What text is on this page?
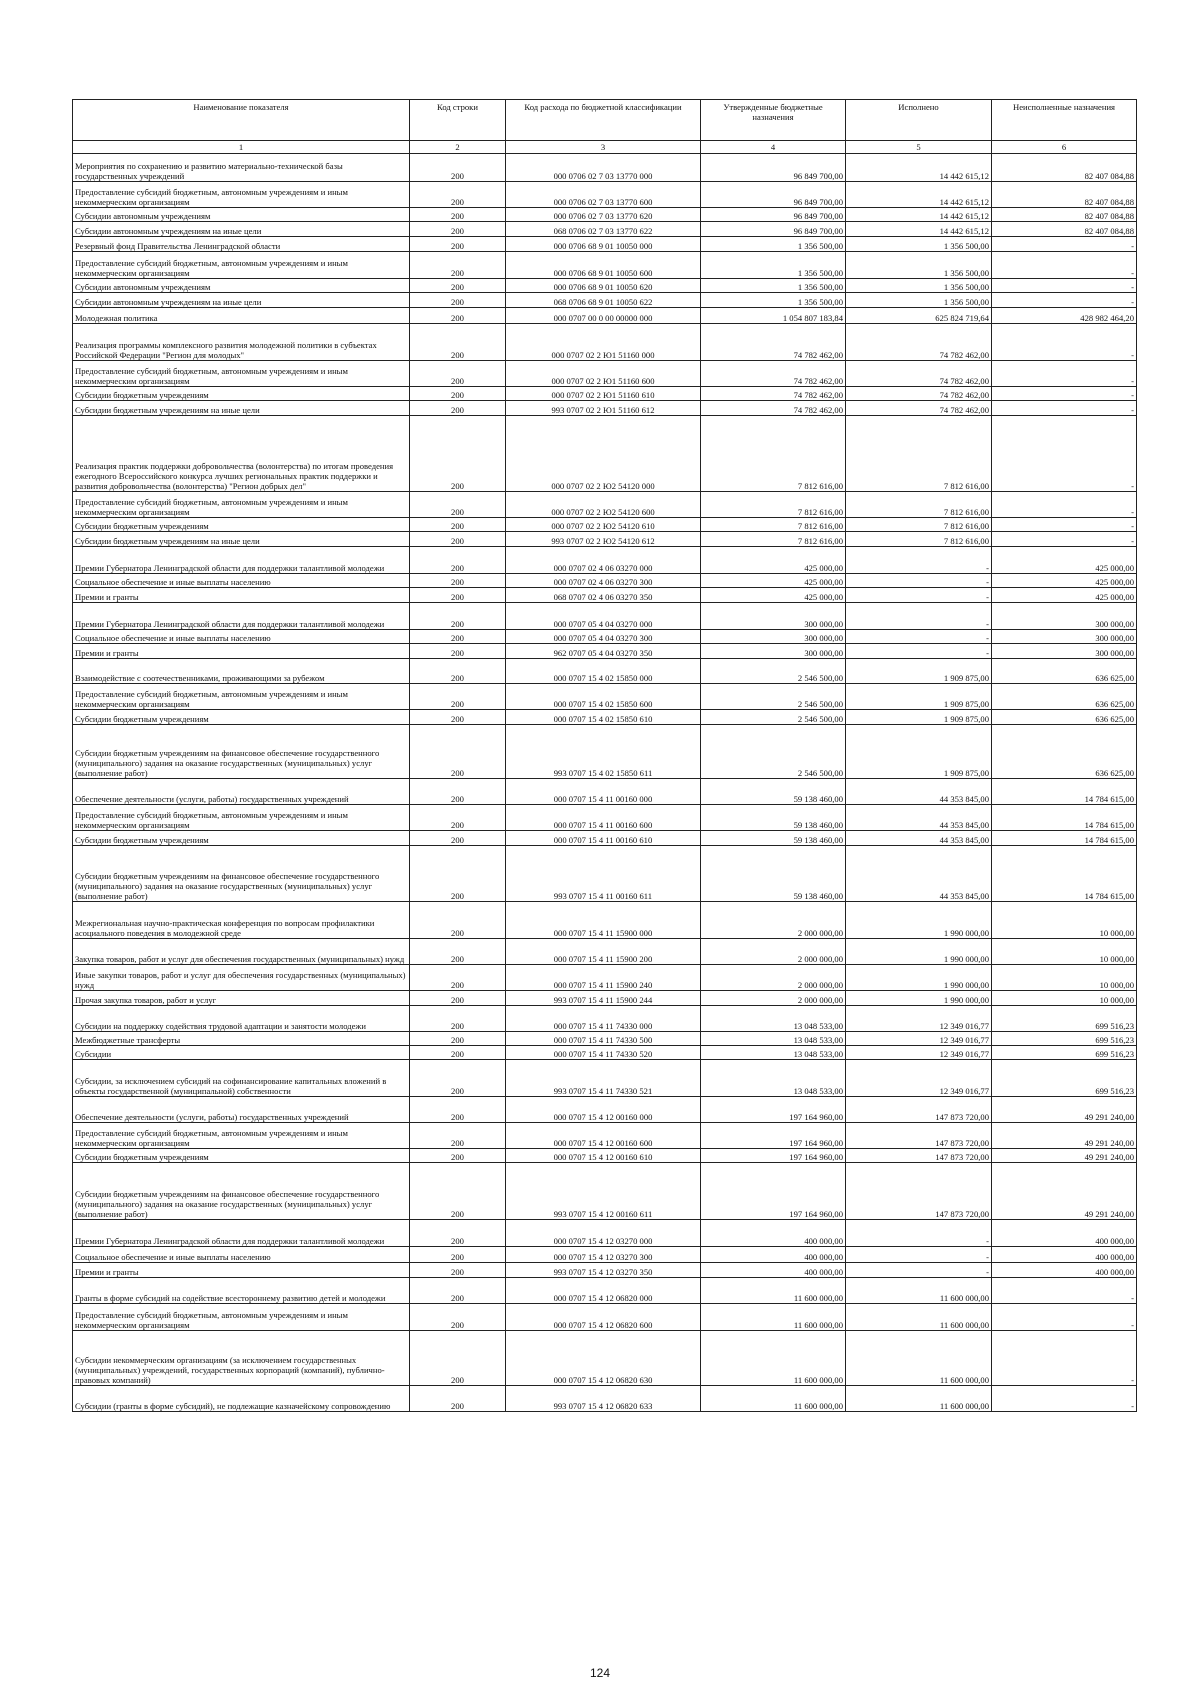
Наименование показателя	Код строки	Код расхода по бюджетной классификации	Утвержденные бюджетные назначения	Исполнено	Неисполненные назначения
1	2	3	4	5	6
Мероприятия по сохранению и развитию материально-технической базы государственных учреждений	200	000 0706 02 7 03 13770 000	96 849 700,00	14 442 615,12	82 407 084,88
Предоставление субсидий бюджетным, автономным учреждениям и иным некоммерческим организациям	200	000 0706 02 7 03 13770 600	96 849 700,00	14 442 615,12	82 407 084,88
Субсидии автономным учреждениям	200	000 0706 02 7 03 13770 620	96 849 700,00	14 442 615,12	82 407 084,88
Субсидии автономным учреждениям на иные цели	200	068 0706 02 7 03 13770 622	96 849 700,00	14 442 615,12	82 407 084,88
Резервный фонд Правительства Ленинградской области	200	000 0706 68 9 01 10050 000	1 356 500,00	1 356 500,00	-
Предоставление субсидий бюджетным, автономным учреждениям и иным некоммерческим организациям	200	000 0706 68 9 01 10050 600	1 356 500,00	1 356 500,00	-
Субсидии автономным учреждениям	200	000 0706 68 9 01 10050 620	1 356 500,00	1 356 500,00	-
Субсидии автономным учреждениям на иные цели	200	068 0706 68 9 01 10050 622	1 356 500,00	1 356 500,00	-
Молодежная политика	200	000 0707 00 0 00 00000 000	1 054 807 183,84	625 824 719,64	428 982 464,20
Реализация программы комплексного развития молодежной политики в субъектах Российской Федерации "Регион для молодых"	200	000 0707 02 2 Ю1 51160 000	74 782 462,00	74 782 462,00	-
Предоставление субсидий бюджетным, автономным учреждениям и иным некоммерческим организациям	200	000 0707 02 2 Ю1 51160 600	74 782 462,00	74 782 462,00	-
Субсидии бюджетным учреждениям	200	000 0707 02 2 Ю1 51160 610	74 782 462,00	74 782 462,00	-
Субсидии бюджетным учреждениям на иные цели	200	993 0707 02 2 Ю1 51160 612	74 782 462,00	74 782 462,00	-
Реализация практик поддержки добровольчества (волонтерства) по итогам проведения ежегодного Всероссийского конкурса лучших региональных практик поддержки и развития добровольчества (волонтерства) "Регион добрых дел"	200	000 0707 02 2 Ю2 54120 000	7 812 616,00	7 812 616,00	-
Предоставление субсидий бюджетным, автономным учреждениям и иным некоммерческим организациям	200	000 0707 02 2 Ю2 54120 600	7 812 616,00	7 812 616,00	-
Субсидии бюджетным учреждениям	200	000 0707 02 2 Ю2 54120 610	7 812 616,00	7 812 616,00	-
Субсидии бюджетным учреждениям на иные цели	200	993 0707 02 2 Ю2 54120 612	7 812 616,00	7 812 616,00	-
Премии Губернатора Ленинградской области для поддержки талантливой молодежи	200	000 0707 02 4 06 03270 000	425 000,00	-	425 000,00
Социальное обеспечение и иные выплаты населению	200	000 0707 02 4 06 03270 300	425 000,00	-	425 000,00
Премии и гранты	200	068 0707 02 4 06 03270 350	425 000,00	-	425 000,00
Премии Губернатора Ленинградской области для поддержки талантливой молодежи	200	000 0707 05 4 04 03270 000	300 000,00	-	300 000,00
Социальное обеспечение и иные выплаты населению	200	000 0707 05 4 04 03270 300	300 000,00	-	300 000,00
Премии и гранты	200	962 0707 05 4 04 03270 350	300 000,00	-	300 000,00
Взаимодействие с соотечественниками, проживающими за рубежом	200	000 0707 15 4 02 15850 000	2 546 500,00	1 909 875,00	636 625,00
Предоставление субсидий бюджетным, автономным учреждениям и иным некоммерческим организациям	200	000 0707 15 4 02 15850 600	2 546 500,00	1 909 875,00	636 625,00
Субсидии бюджетным учреждениям	200	000 0707 15 4 02 15850 610	2 546 500,00	1 909 875,00	636 625,00
Субсидии бюджетным учреждениям на финансовое обеспечение государственного (муниципального) задания на оказание государственных (муниципальных) услуг (выполнение работ)	200	993 0707 15 4 02 15850 611	2 546 500,00	1 909 875,00	636 625,00
Обеспечение деятельности (услуги, работы) государственных учреждений	200	000 0707 15 4 11 00160 000	59 138 460,00	44 353 845,00	14 784 615,00
Предоставление субсидий бюджетным, автономным учреждениям и иным некоммерческим организациям	200	000 0707 15 4 11 00160 600	59 138 460,00	44 353 845,00	14 784 615,00
Субсидии бюджетным учреждениям	200	000 0707 15 4 11 00160 610	59 138 460,00	44 353 845,00	14 784 615,00
Субсидии бюджетным учреждениям на финансовое обеспечение государственного (муниципального) задания на оказание государственных (муниципальных) услуг (выполнение работ)	200	993 0707 15 4 11 00160 611	59 138 460,00	44 353 845,00	14 784 615,00
Межрегиональная научно-практическая конференция по вопросам профилактики асоциального поведения в молодежной среде	200	000 0707 15 4 11 15900 000	2 000 000,00	1 990 000,00	10 000,00
Закупка товаров, работ и услуг для обеспечения государственных (муниципальных) нужд	200	000 0707 15 4 11 15900 200	2 000 000,00	1 990 000,00	10 000,00
Иные закупки товаров, работ и услуг для обеспечения государственных (муниципальных) нужд	200	000 0707 15 4 11 15900 240	2 000 000,00	1 990 000,00	10 000,00
Прочая закупка товаров, работ и услуг	200	993 0707 15 4 11 15900 244	2 000 000,00	1 990 000,00	10 000,00
Субсидии на поддержку содействия трудовой адаптации и занятости молодежи	200	000 0707 15 4 11 74330 000	13 048 533,00	12 349 016,77	699 516,23
Межбюджетные трансферты	200	000 0707 15 4 11 74330 500	13 048 533,00	12 349 016,77	699 516,23
Субсидии	200	000 0707 15 4 11 74330 520	13 048 533,00	12 349 016,77	699 516,23
Субсидии, за исключением субсидий на софинансирование капитальных вложений в объекты государственной (муниципальной) собственности	200	993 0707 15 4 11 74330 521	13 048 533,00	12 349 016,77	699 516,23
Обеспечение деятельности (услуги, работы) государственных учреждений	200	000 0707 15 4 12 00160 000	197 164 960,00	147 873 720,00	49 291 240,00
Предоставление субсидий бюджетным, автономным учреждениям и иным некоммерческим организациям	200	000 0707 15 4 12 00160 600	197 164 960,00	147 873 720,00	49 291 240,00
Субсидии бюджетным учреждениям	200	000 0707 15 4 12 00160 610	197 164 960,00	147 873 720,00	49 291 240,00
Субсидии бюджетным учреждениям на финансовое обеспечение государственного (муниципального) задания на оказание государственных (муниципальных) услуг (выполнение работ)	200	993 0707 15 4 12 00160 611	197 164 960,00	147 873 720,00	49 291 240,00
Премии Губернатора Ленинградской области для поддержки талантливой молодежи	200	000 0707 15 4 12 03270 000	400 000,00	-	400 000,00
Социальное обеспечение и иные выплаты населению	200	000 0707 15 4 12 03270 300	400 000,00	-	400 000,00
Премии и гранты	200	993 0707 15 4 12 03270 350	400 000,00	-	400 000,00
Гранты в форме субсидий на содействие всестороннему развитию детей и молодежи	200	000 0707 15 4 12 06820 000	11 600 000,00	11 600 000,00	-
Предоставление субсидий бюджетным, автономным учреждениям и иным некоммерческим организациям	200	000 0707 15 4 12 06820 600	11 600 000,00	11 600 000,00	-
Субсидии некоммерческим организациям (за исключением государственных (муниципальных) учреждений, государственных корпораций (компаний), публично-правовых компаний)	200	000 0707 15 4 12 06820 630	11 600 000,00	11 600 000,00	-
Субсидии (гранты в форме субсидий), не подлежащие казначейскому сопровождению	200	993 0707 15 4 12 06820 633	11 600 000,00	11 600 000,00	-
124
